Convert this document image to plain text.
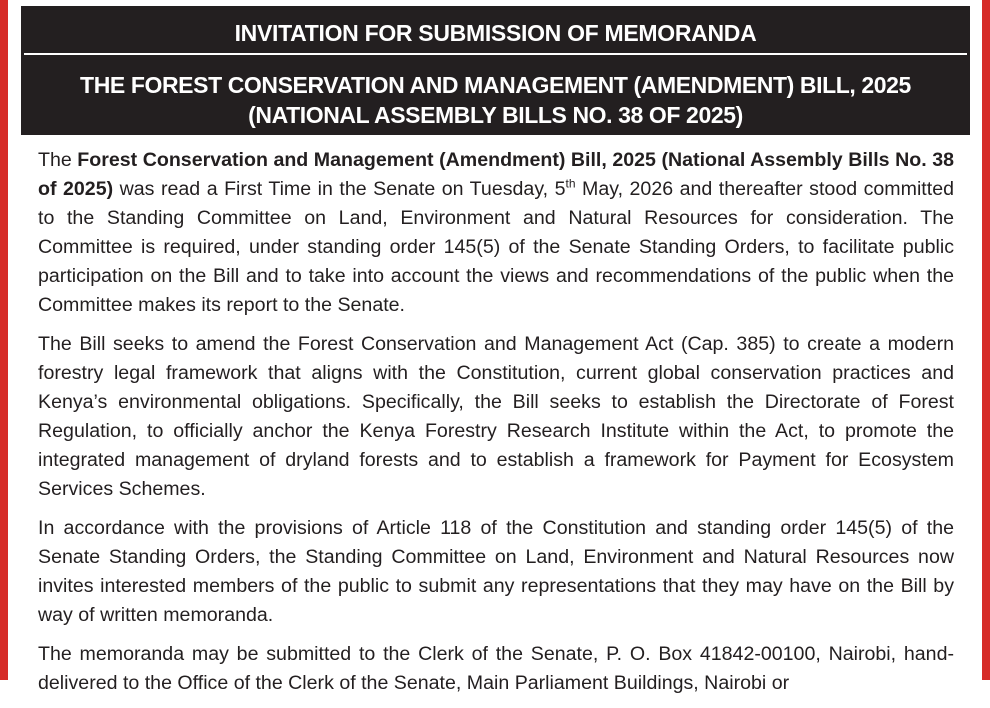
INVITATION FOR SUBMISSION OF MEMORANDA
THE FOREST CONSERVATION AND MANAGEMENT (AMENDMENT) BILL, 2025
(NATIONAL ASSEMBLY BILLS NO. 38 OF 2025)

The Forest Conservation and Management (Amendment) Bill, 2025 (National Assembly Bills No. 38 of 2025) was read a First Time in the Senate on Tuesday, 5th May, 2026 and thereafter stood committed to the Standing Committee on Land, Environment and Natural Resources for consideration. The Committee is required, under standing order 145(5) of the Senate Standing Orders, to facilitate public participation on the Bill and to take into account the views and recommendations of the public when the Committee makes its report to the Senate.

The Bill seeks to amend the Forest Conservation and Management Act (Cap. 385) to create a modern forestry legal framework that aligns with the Constitution, current global conservation practices and Kenya’s environmental obligations. Specifically, the Bill seeks to establish the Directorate of Forest Regulation, to officially anchor the Kenya Forestry Research Institute within the Act, to promote the integrated management of dryland forests and to establish a framework for Payment for Ecosystem Services Schemes.

In accordance with the provisions of Article 118 of the Constitution and standing order 145(5) of the Senate Standing Orders, the Standing Committee on Land, Environment and Natural Resources now invites interested members of the public to submit any representations that they may have on the Bill by way of written memoranda.

The memoranda may be submitted to the Clerk of the Senate, P. O. Box 41842-00100, Nairobi, hand-delivered to the Office of the Clerk of the Senate, Main Parliament Buildings, Nairobi or
